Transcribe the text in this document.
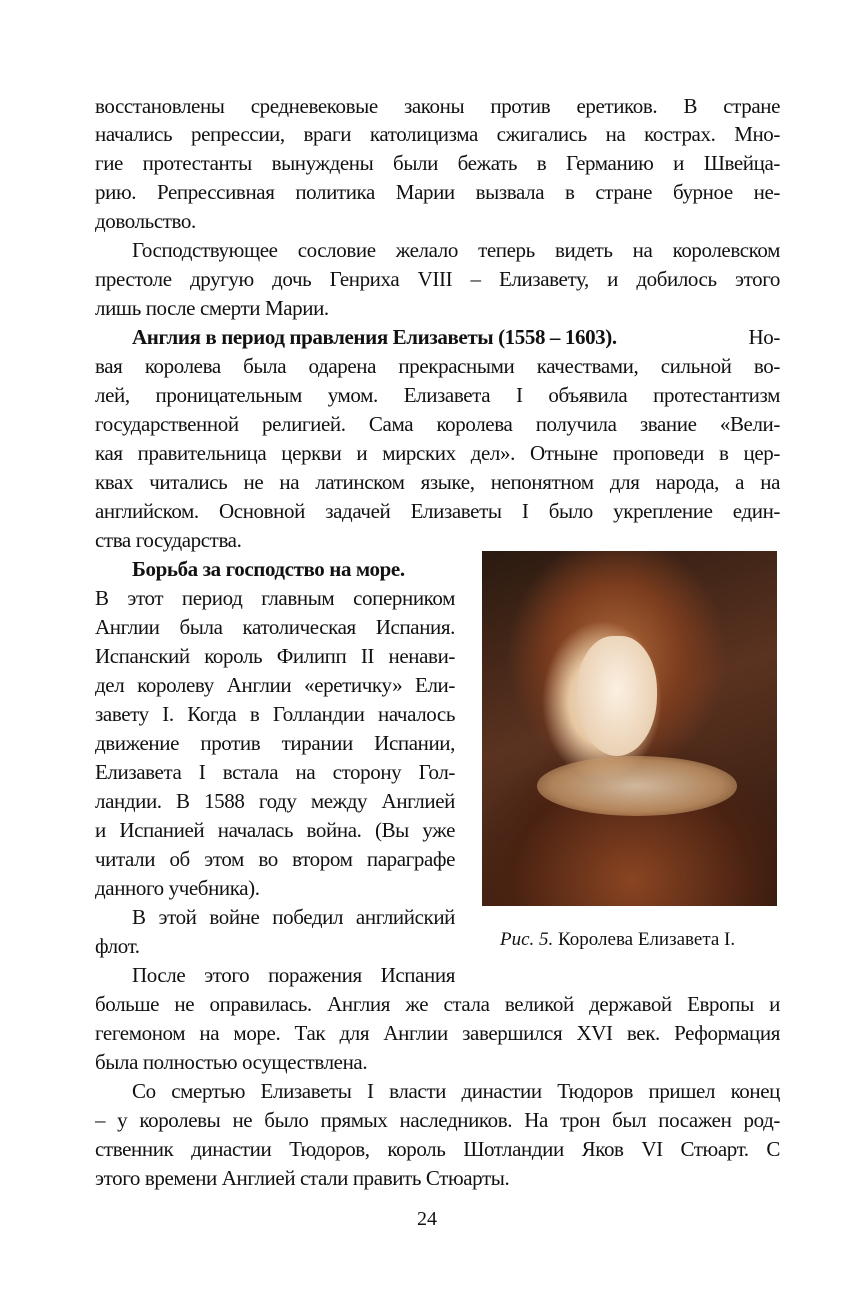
восстановлены средневековые законы против еретиков. В стране
начались репрессии, враги католицизма сжигались на кострах. Мно-
гие протестанты вынуждены были бежать в Германию и Швейца-
рию. Репрессивная политика Марии вызвала в стране бурное не-
довольство.
Господствующее сословие желало теперь видеть на королевском
престоле другую дочь Генриха VIII – Елизавету, и добилось этого
лишь после смерти Марии.
Англия в период правления Елизаветы (1558 – 1603).	Но-
вая королева была одарена прекрасными качествами, сильной во-
лей, проницательным умом. Елизавета I объявила протестантизм
государственной религией. Сама королева получила звание «Вели-
кая правительница церкви и мирских дел». Отныне проповеди в цер-
квах читались не на латинском языке, непонятном для народа, а на
английском. Основной задачей Елизаветы I было укрепление един-
ства государства.
Борьба за господство на море.
В этот период главным соперником
Англии была католическая Испания.
Испанский король Филипп II ненави-
дел королеву Англии «еретичку» Ели-
завету I. Когда в Голландии началось
движение против тирании Испании,
Елизавета I встала на сторону Гол-
ландии. В 1588 году между Англией
и Испанией началась война. (Вы уже
читали об этом во втором параграфе
данного учебника).
В этой войне победил английский
флот.	Рис. 5. Королева Елизавета I.
После этого поражения Испания
больше не оправилась. Англия же стала великой державой Европы и
гегемоном на море. Так для Англии завершился XVI век. Реформация
была полностью осуществлена.
Со смертью Елизаветы I власти династии Тюдоров пришел конец
– у королевы не было прямых наследников. На трон был посажен род-
ственник династии Тюдоров, король Шотландии Яков VI Стюарт. С
этого времени Англией стали править Стюарты.
24
